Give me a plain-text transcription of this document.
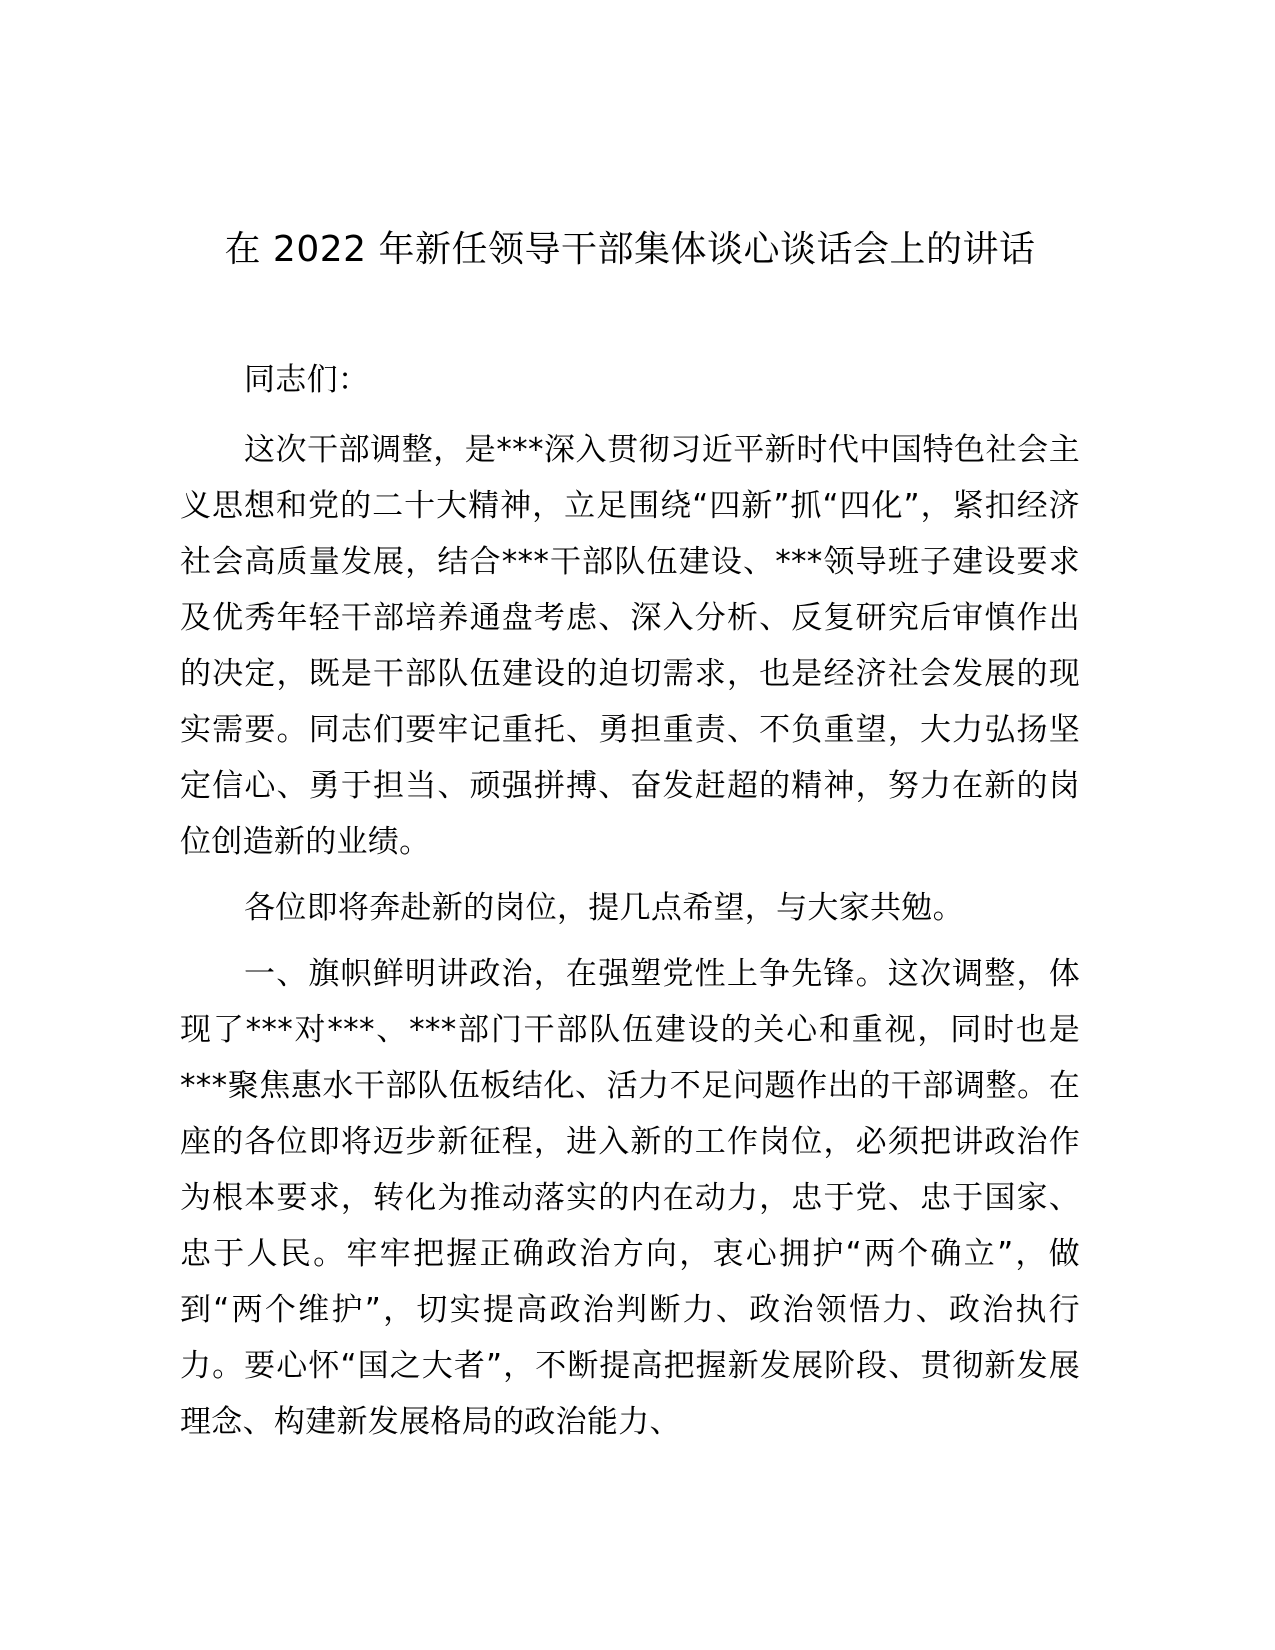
在 2022 年新任领导干部集体谈心谈话会上的讲话

同志们：

这次干部调整，是***深入贯彻习近平新时代中国特色社会主义思想和党的二十大精神，立足围绕“四新”抓“四化”，紧扣经济社会高质量发展，结合***干部队伍建设、***领导班子建设要求及优秀年轻干部培养通盘考虑、深入分析、反复研究后审慎作出的决定，既是干部队伍建设的迫切需求，也是经济社会发展的现实需要。同志们要牢记重托、勇担重责、不负重望，大力弘扬坚定信心、勇于担当、顽强拼搏、奋发赶超的精神，努力在新的岗位创造新的业绩。

各位即将奔赴新的岗位，提几点希望，与大家共勉。

一、旗帜鲜明讲政治，在强塑党性上争先锋。这次调整，体现了***对***、***部门干部队伍建设的关心和重视，同时也是***聚焦惠水干部队伍板结化、活力不足问题作出的干部调整。在座的各位即将迈步新征程，进入新的工作岗位，必须把讲政治作为根本要求，转化为推动落实的内在动力，忠于党、忠于国家、忠于人民。牢牢把握正确政治方向，衷心拥护“两个确立”，做到“两个维护”，切实提高政治判断力、政治领悟力、政治执行力。要心怀“国之大者”，不断提高把握新发展阶段、贯彻新发展理念、构建新发展格局的政治能力、
